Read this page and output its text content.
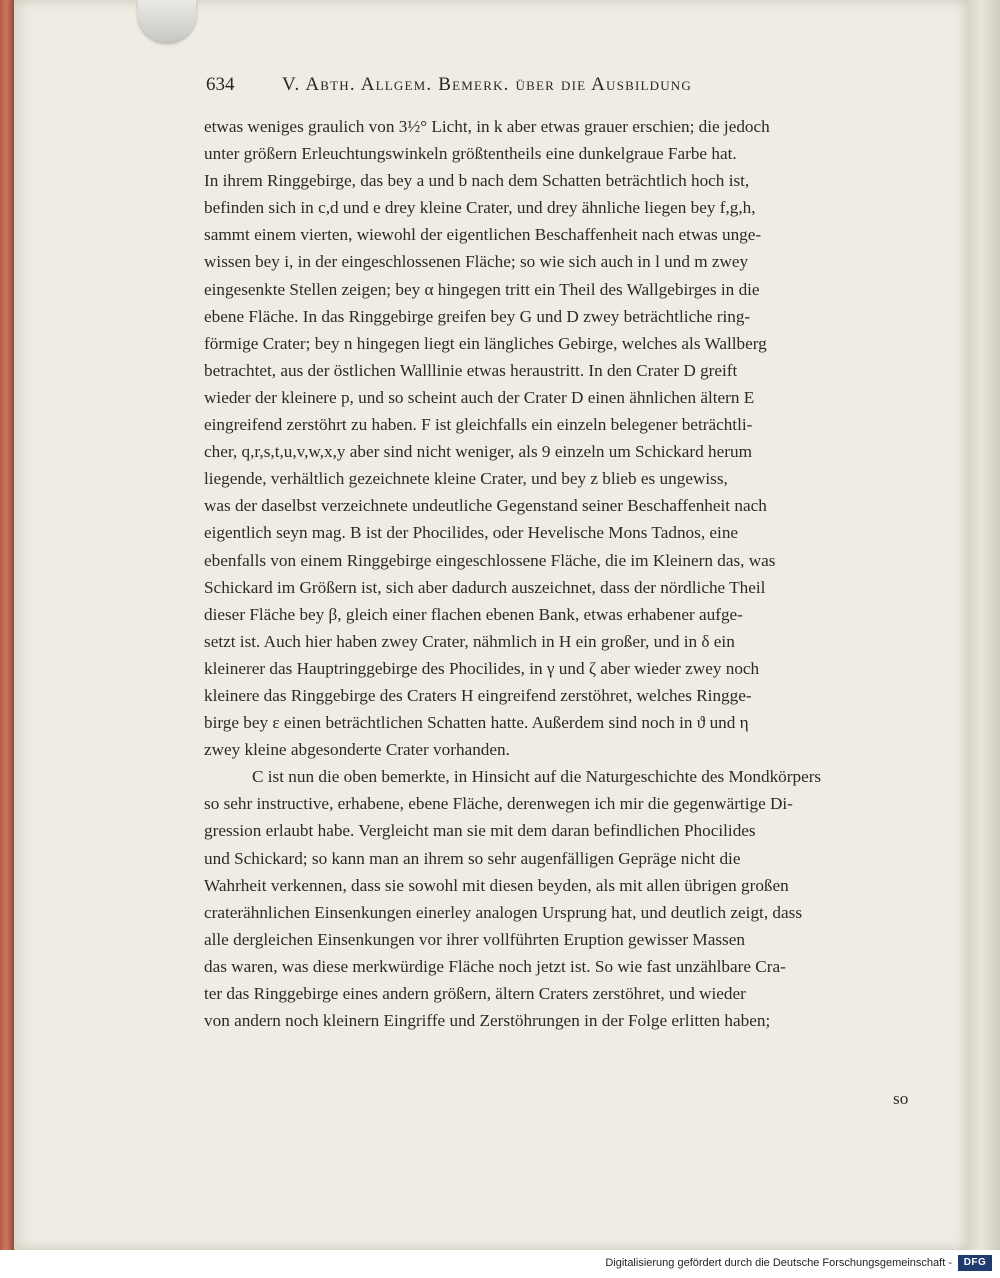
634	V. Abth. Allgem. Bemerk. über die Ausbildung
etwas weniges graulich von 3½° Licht, in k aber etwas grauer erschien; die jedoch
unter größern Erleuchtungswinkeln größtentheils eine dunkelgraue Farbe hat.
In ihrem Ringgebirge, das bey a und b nach dem Schatten beträchtlich hoch ist,
befinden sich in c,d und e drey kleine Crater, und drey ähnliche liegen bey f,g,h,
sammt einem vierten, wiewohl der eigentlichen Beschaffenheit nach etwas unge-
wissen bey i, in der eingeschlossenen Fläche; so wie sich auch in l und m zwey
eingesenkte Stellen zeigen; bey α hingegen tritt ein Theil des Wallgebirges in die
ebene Fläche. In das Ringgebirge greifen bey G und D zwey beträchtliche ring-
förmige Crater; bey n hingegen liegt ein längliches Gebirge, welches als Wallberg
betrachtet, aus der östlichen Walllinie etwas heraustritt. In den Crater D greift
wieder der kleinere p, und so scheint auch der Crater D einen ähnlichen ältern E
eingreifend zerstöhrt zu haben. F ist gleichfalls ein einzeln belegener beträchtli-
cher, q,r,s,t,u,v,w,x,y aber sind nicht weniger, als 9 einzeln um Schickard herum
liegende, verhältlich gezeichnete kleine Crater, und bey z blieb es ungewiss,
was der daselbst verzeichnete undeutliche Gegenstand seiner Beschaffenheit nach
eigentlich seyn mag. B ist der Phocilides, oder Hevelische Mons Tadnos, eine
ebenfalls von einem Ringgebirge eingeschlossene Fläche, die im Kleinern das, was
Schickard im Größern ist, sich aber dadurch auszeichnet, dass der nördliche Theil
dieser Fläche bey β, gleich einer flachen ebenen Bank, etwas erhabener aufge-
setzt ist. Auch hier haben zwey Crater, nähmlich in H ein großer, und in δ ein
kleinerer das Hauptringgebirge des Phocilides, in γ und ζ aber wieder zwey noch
kleinere das Ringgebirge des Craters H eingreifend zerstöhret, welches Ringge-
birge bey ε einen beträchtlichen Schatten hatte. Außerdem sind noch in ϑ und η
zwey kleine abgesonderte Crater vorhanden.
C ist nun die oben bemerkte, in Hinsicht auf die Naturgeschichte des Mondkörpers
so sehr instructive, erhabene, ebene Fläche, derenwegen ich mir die gegenwärtige Di-
gression erlaubt habe. Vergleicht man sie mit dem daran befindlichen Phocilides
und Schickard; so kann man an ihrem so sehr augenfälligen Gepräge nicht die
Wahrheit verkennen, dass sie sowohl mit diesen beyden, als mit allen übrigen großen
craterähnlichen Einsenkungen einerley analogen Ursprung hat, und deutlich zeigt, dass
alle dergleichen Einsenkungen vor ihrer vollführten Eruption gewisser Massen
das waren, was diese merkwürdige Fläche noch jetzt ist. So wie fast unzählbare Cra-
ter das Ringgebirge eines andern größern, ältern Craters zerstöhret, und wieder
von andern noch kleinern Eingriffe und Zerstöhrungen in der Folge erlitten haben;
so
Digitalisierung gefördert durch die Deutsche Forschungsgemeinschaft -	DFG
